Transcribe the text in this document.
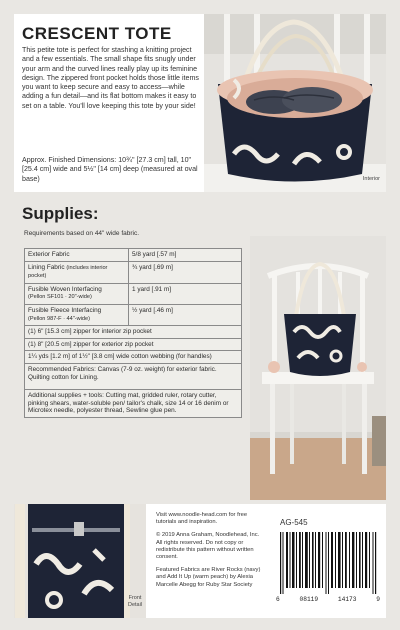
CRESCENT TOTE

This petite tote is perfect for stashing a knitting project and a few essentials. The small shape fits snugly under your arm and the curved lines really play up its feminine design. The zippered front pocket holds those little items you want to keep secure and easy to access—while adding a fun detail—and its flat bottom makes it easy to set on a table. You'll love keeping this tote by your side!

Approx. Finished Dimensions: 10¾" [27.3 cm] tall, 10" [25.4 cm] wide and 5½" [14 cm] deep (measured at oval base)	Interior
Supplies:

Requirements based on 44" wide fabric.

Exterior Fabric	5/8 yard [.57 m]
Lining Fabric (includes interior pocket)	¾ yard [.69 m]
Fusible Woven Interfacing
(Pellon SF101 · 20"-wide)	1 yard [.91 m]
Fusible Fleece Interfacing
(Pellon 987-F · 44"-wide)	½ yard [.46 m]
(1) 6" [15.3 cm] zipper for interior zip pocket	
(1) 8" [20.5 cm] zipper for exterior zip pocket	
1¼ yds [1.2 m] of 1½" [3.8 cm] wide cotton webbing (for handles)	
Recommended Fabrics: Canvas (7-9 oz. weight) for exterior fabric. Quilting cotton for Lining.	
Additional supplies + tools: Cutting mat, gridded ruler, rotary cutter, pinking shears, water-soluble pen/ tailor's chalk, size 14 or 16 denim or Microtex needle, polyester thread, Sewline glue pen.	
Front Detail

Visit www.noodle-head.com for free tutorials and inspiration.

© 2019 Anna Graham, Noodlehead, Inc. All rights reserved. Do not copy or redistribute this pattern without written consent.

Featured Fabrics are River Rocks (navy) and Add It Up (warm peach) by Alexia Marcelle Abegg for Ruby Star Society

AG-545
6	08119	14173	9
